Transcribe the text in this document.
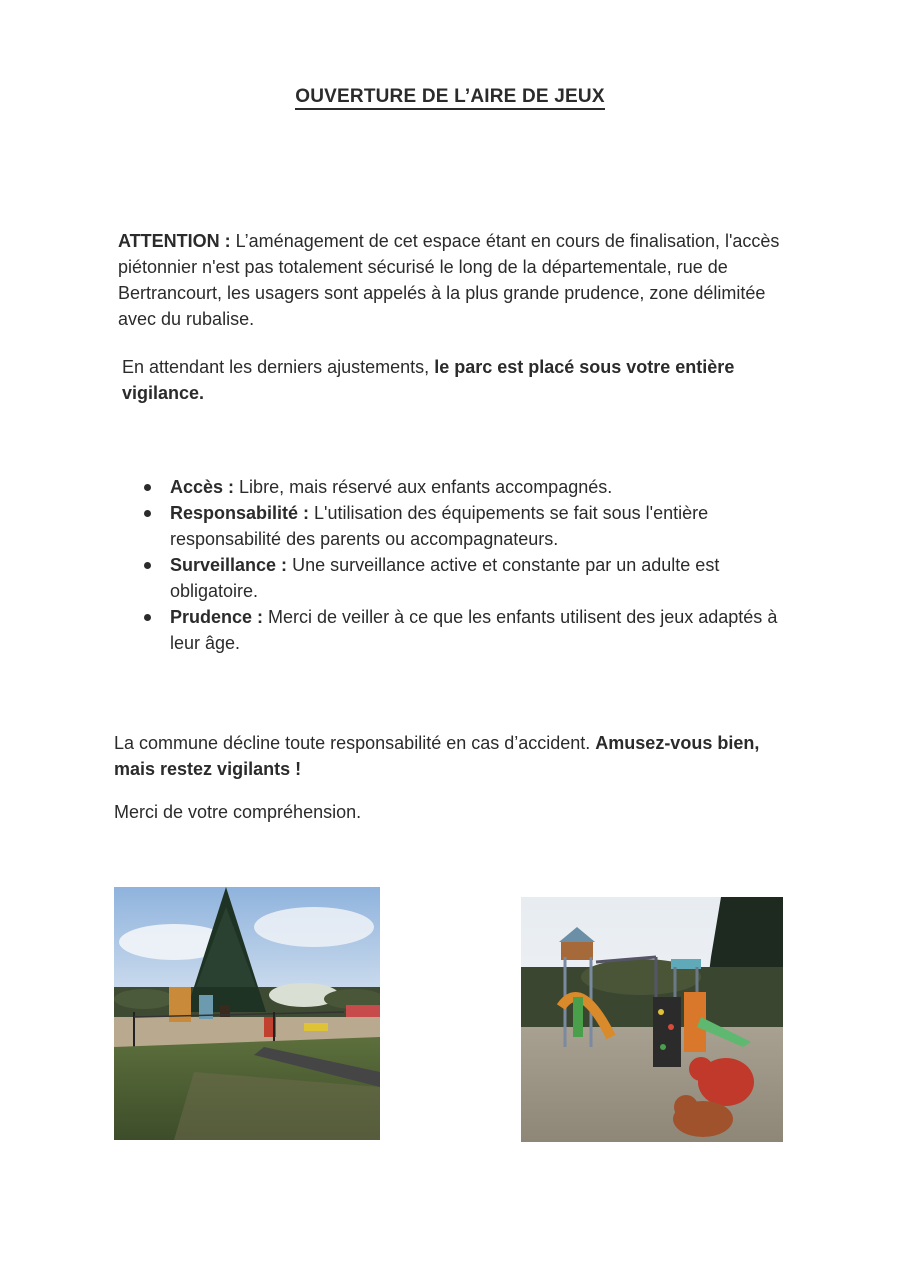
OUVERTURE DE L’AIRE DE JEUX

ATTENTION : L’aménagement de cet espace étant en cours de finalisation, l'accès piétonnier n'est pas totalement sécurisé le long de la départementale, rue de Bertrancourt, les usagers sont appelés à la plus grande prudence, zone délimitée avec du rubalise.

En attendant les derniers ajustements, le parc est placé sous votre entière vigilance.

Accès : Libre, mais réservé aux enfants accompagnés.
Responsabilité : L'utilisation des équipements se fait sous l'entière responsabilité des parents ou accompagnateurs.
Surveillance : Une surveillance active et constante par un adulte est obligatoire.
Prudence : Merci de veiller à ce que les enfants utilisent des jeux adaptés à leur âge.

La commune décline toute responsabilité en cas d’accident. Amusez-vous bien, mais restez vigilants !

Merci de votre compréhension.
